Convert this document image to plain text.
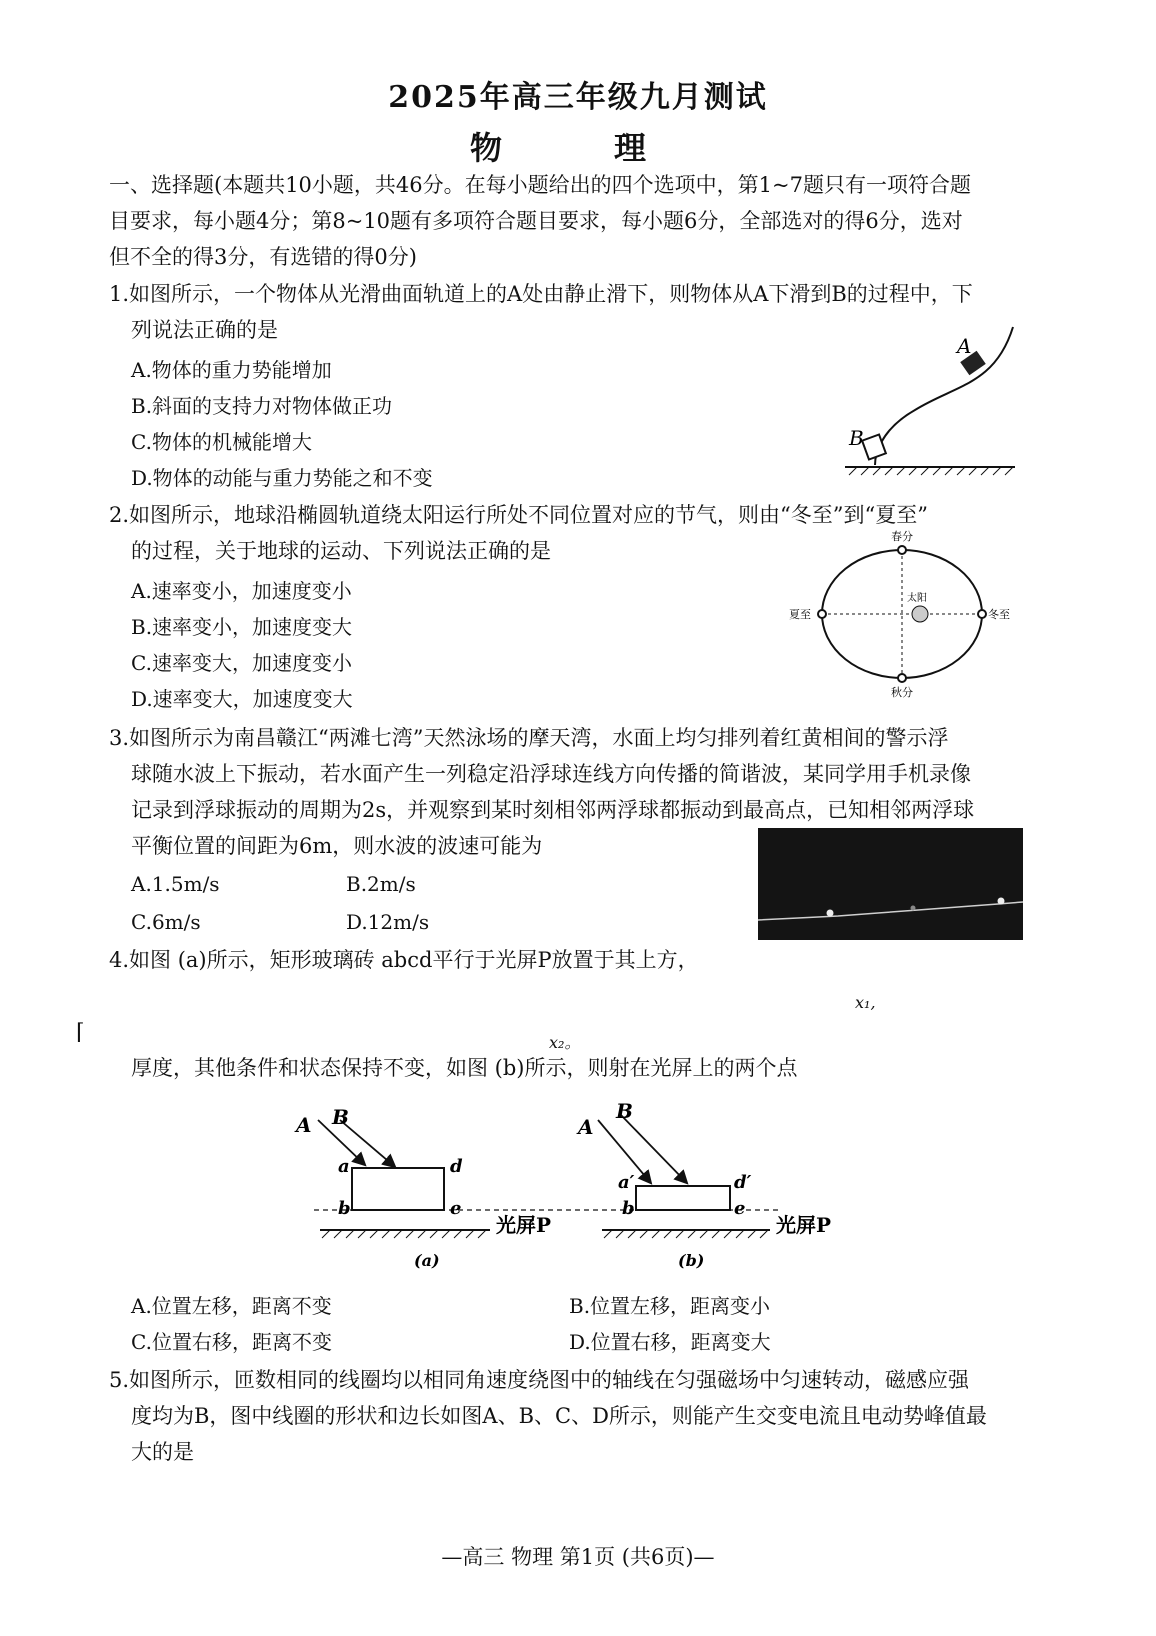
2025年高三年级九月测试
物　理
一、选择题(本题共10小题，共46分。在每小题给出的四个选项中，第1~7题只有一项符合题
目要求，每小题4分；第8~10题有多项符合题目要求，每小题6分，全部选对的得6分，选对
但不全的得3分，有选错的得0分)
1.如图所示，一个物体从光滑曲面轨道上的A处由静止滑下，则物体从A下滑到B的过程中，下
列说法正确的是
A.物体的重力势能增加
B.斜面的支持力对物体做正功
C.物体的机械能增大
D.物体的动能与重力势能之和不变
A
B
2.如图所示，地球沿椭圆轨道绕太阳运行所处不同位置对应的节气，则由“冬至”到“夏至”
的过程，关于地球的运动、下列说法正确的是
A.速率变小，加速度变小
B.速率变小，加速度变大
C.速率变大，加速度变小
D.速率变大，加速度变大
春分
秋分
夏至	冬至
太阳
3.如图所示为南昌赣江“两滩七湾”天然泳场的摩天湾，水面上均匀排列着红黄相间的警示浮
球随水波上下振动，若水面产生一列稳定沿浮球连线方向传播的简谐波，某同学用手机录像
记录到浮球振动的周期为2s，并观察到某时刻相邻两浮球都振动到最高点，已知相邻两浮球
平衡位置的间距为6m，则水波的波速可能为
A.1.5m/s	B.2m/s
C.6m/s	D.12m/s
4.如图 (a)所示，矩形玻璃砖 abcd平行于光屏P放置于其上方，
x₁,
⌈	x₂。
厚度，其他条件和状态保持不变，如图 (b)所示，则射在光屏上的两个点
A B
a
b
d
e
光屏P
(a)
A
B
a′
b
d′
e
光屏P
(b)
A.位置左移，距离不变	B.位置左移，距离变小
C.位置右移，距离不变	D.位置右移，距离变大
5.如图所示，匝数相同的线圈均以相同角速度绕图中的轴线在匀强磁场中匀速转动，磁感应强
度均为B，图中线圈的形状和边长如图A、B、C、D所示，则能产生交变电流且电动势峰值最
大的是
—高三 物理 第1页 (共6页)—
